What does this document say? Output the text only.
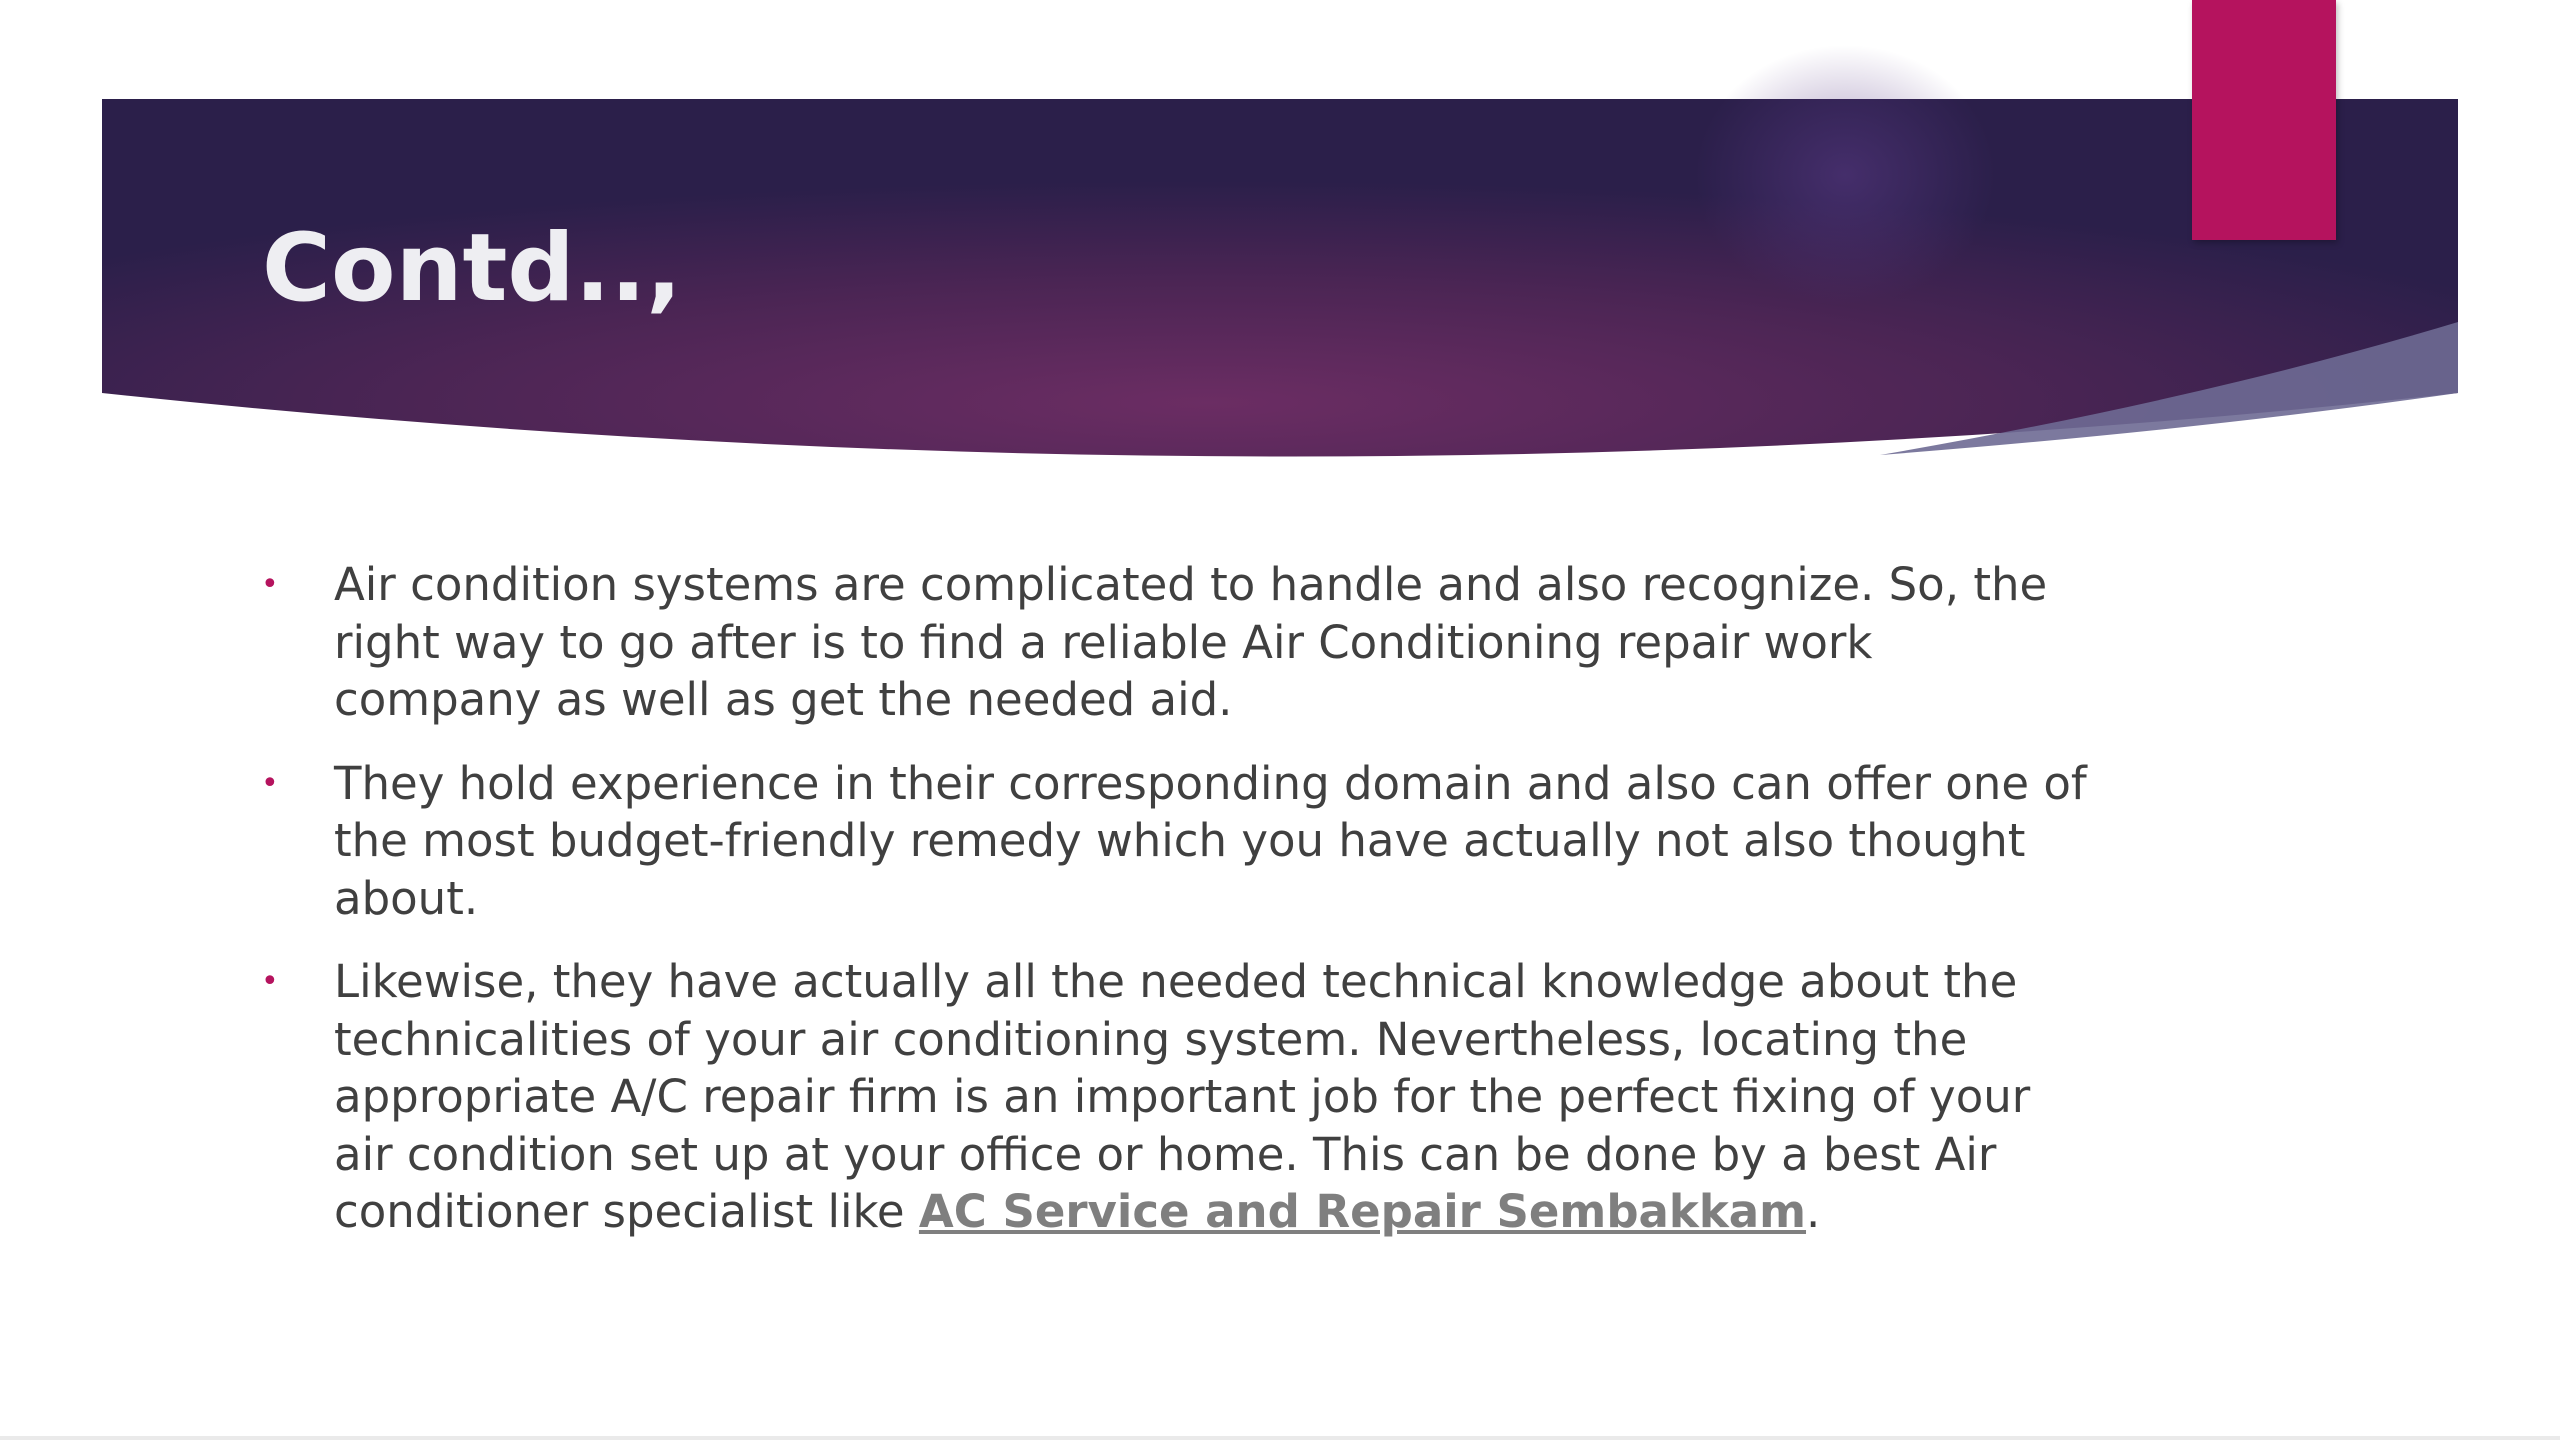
Contd..,
• Air condition systems are complicated to handle and also recognize. So, the right way to go after is to find a reliable Air Conditioning repair work company as well as get the needed aid.
• They hold experience in their corresponding domain and also can offer one of the most budget-friendly remedy which you have actually not also thought about.
• Likewise, they have actually all the needed technical knowledge about the technicalities of your air conditioning system. Nevertheless, locating the appropriate A/C repair firm is an important job for the perfect fixing of your air condition set up at your office or home. This can be done by a best Air conditioner specialist like AC Service and Repair Sembakkam.
